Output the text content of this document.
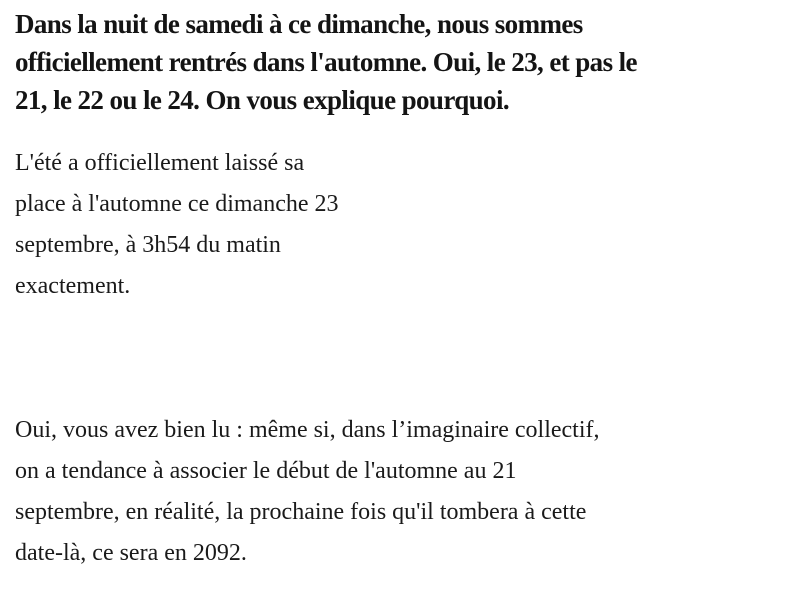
Dans la nuit de samedi à ce dimanche, nous sommes
officiellement rentrés dans l'automne. Oui, le 23, et pas le
21, le 22 ou le 24. On vous explique pourquoi.

L'été a officiellement laissé sa
place à l'automne ce dimanche 23
septembre, à 3h54 du matin
exactement.

Oui, vous avez bien lu : même si, dans l’imaginaire collectif,
on a tendance à associer le début de l'automne au 21
septembre, en réalité, la prochaine fois qu'il tombera à cette
date-là, ce sera en 2092.
